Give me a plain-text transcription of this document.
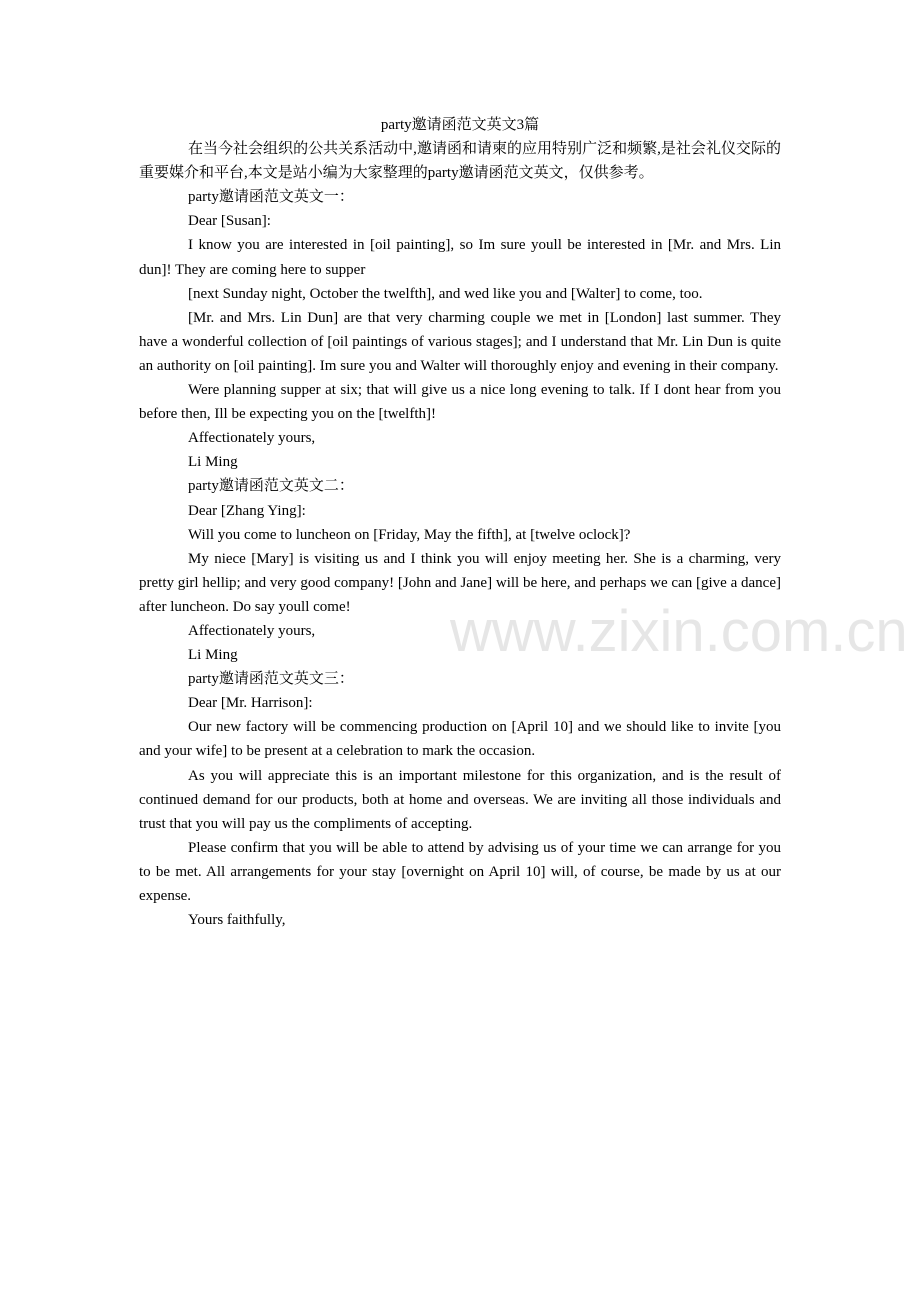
party邀请函范文英文3篇

在当今社会组织的公共关系活动中,邀请函和请柬的应用特别广泛和频繁,是社会礼仪交际的重要媒介和平台,本文是站小编为大家整理的party邀请函范文英文，仅供参考。

party邀请函范文英文一：

Dear [Susan]:

I know you are interested in [oil painting], so Im sure youll be interested in [Mr. and Mrs. Lin dun]! They are coming here to supper

[next Sunday night, October the twelfth], and wed like you and [Walter] to come, too.

[Mr. and Mrs. Lin Dun] are that very charming couple we met in [London] last summer. They have a wonderful collection of [oil paintings of various stages]; and I understand that Mr. Lin Dun is quite an authority on [oil painting]. Im sure you and Walter will thoroughly enjoy and evening in their company.

Were planning supper at six; that will give us a nice long evening to talk. If I dont hear from you before then, Ill be expecting you on the [twelfth]!

Affectionately yours,

Li Ming

party邀请函范文英文二：

Dear [Zhang Ying]:

Will you come to luncheon on [Friday, May the fifth], at [twelve oclock]?

My niece [Mary] is visiting us and I think you will enjoy meeting her. She is a charming, very pretty girl hellip; and very good company! [John and Jane] will be here, and perhaps we can [give a dance] after luncheon. Do say youll come!

Affectionately yours,

Li Ming

party邀请函范文英文三：

Dear [Mr. Harrison]:

Our new factory will be commencing production on [April 10] and we should like to invite [you and your wife] to be present at a celebration to mark the occasion.

As you will appreciate this is an important milestone for this organization, and is the result of continued demand for our products, both at home and overseas. We are inviting all those individuals and trust that you will pay us the compliments of accepting.

Please confirm that you will be able to attend by advising us of your time we can arrange for you to be met. All arrangements for your stay [overnight on April 10] will, of course, be made by us at our expense.

Yours faithfully,

www.zixin.com.cn
